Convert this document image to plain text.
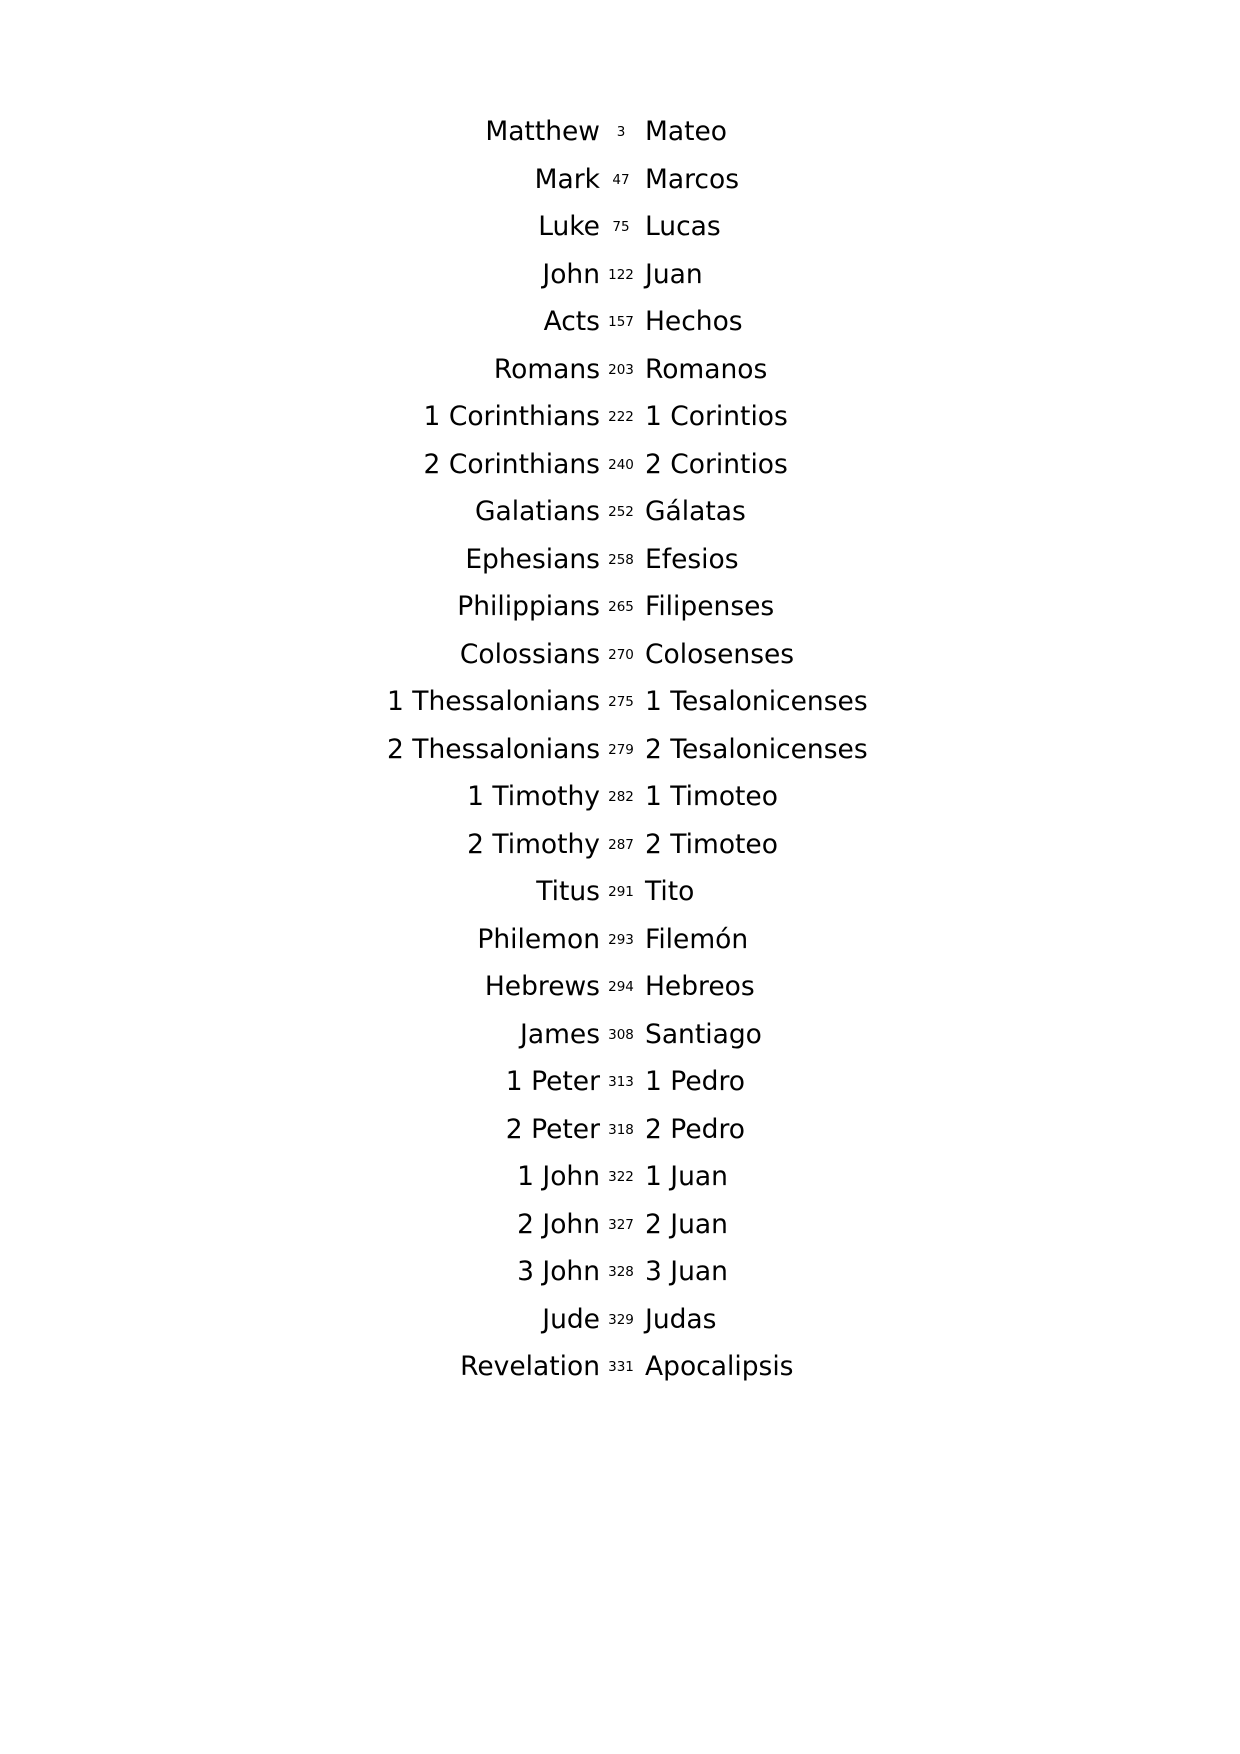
Matthew	3 Mateo
Mark 47 Marcos
Luke 75 Lucas
John 122 Juan
Acts 157 Hechos
Romans 203 Romanos
1 Corinthians 222 1 Corintios
2 Corinthians 240 2 Corintios
Galatians 252 Gálatas
Ephesians 258 Efesios
Philippians 265 Filipenses
Colossians 270 Colosenses
1 Thessalonians 275 1 Tesalonicenses
2 Thessalonians 279 2 Tesalonicenses
1 Timothy 282 1 Timoteo
2 Timothy 287 2 Timoteo
Titus 291 Tito
Philemon 293 Filemón
Hebrews 294 Hebreos
James 308 Santiago
1 Peter 313 1 Pedro
2 Peter 318 2 Pedro
1 John 322 1 Juan
2 John 327 2 Juan
3 John 328 3 Juan
Jude 329 Judas
Revelation 331 Apocalipsis
